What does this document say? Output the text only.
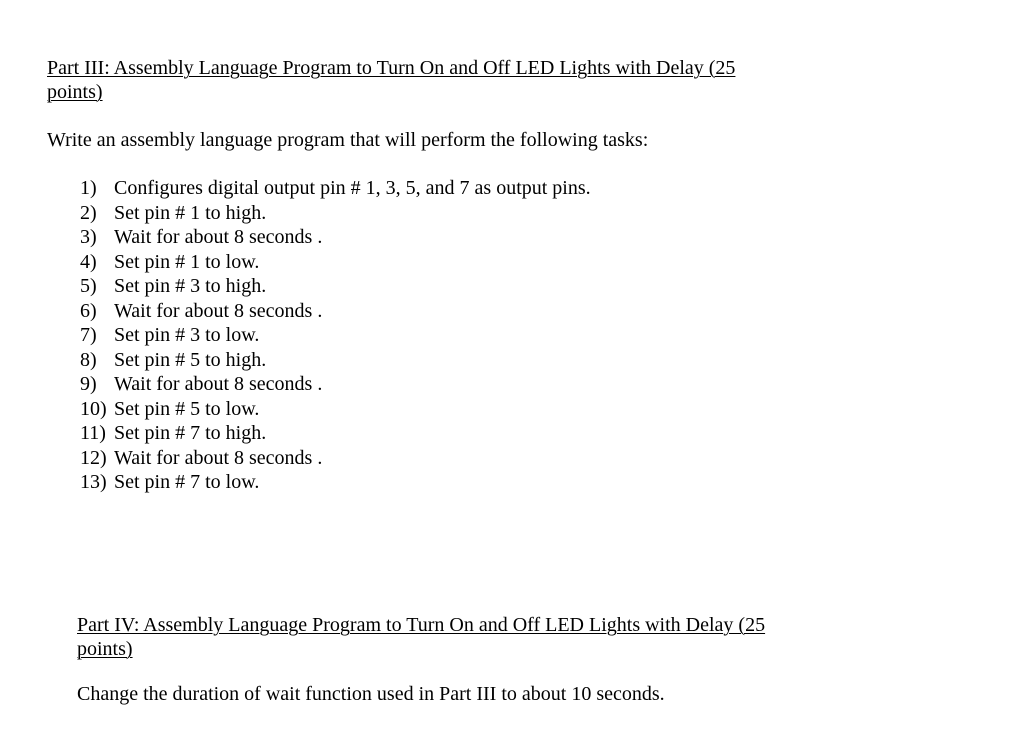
Part III: Assembly Language Program to Turn On and Off LED Lights with Delay (25
points)

Write an assembly language program that will perform the following tasks:

1) Configures digital output pin # 1, 3, 5, and 7 as output pins.
2) Set pin # 1 to high.
3) Wait for about 8 seconds .
4) Set pin # 1 to low.
5) Set pin # 3 to high.
6) Wait for about 8 seconds .
7) Set pin # 3 to low.
8) Set pin # 5 to high.
9) Wait for about 8 seconds .
10) Set pin # 5 to low.
11) Set pin # 7 to high.
12) Wait for about 8 seconds .
13) Set pin # 7 to low.
Part IV: Assembly Language Program to Turn On and Off LED Lights with Delay (25
points)

Change the duration of wait function used in Part III to about 10 seconds.
